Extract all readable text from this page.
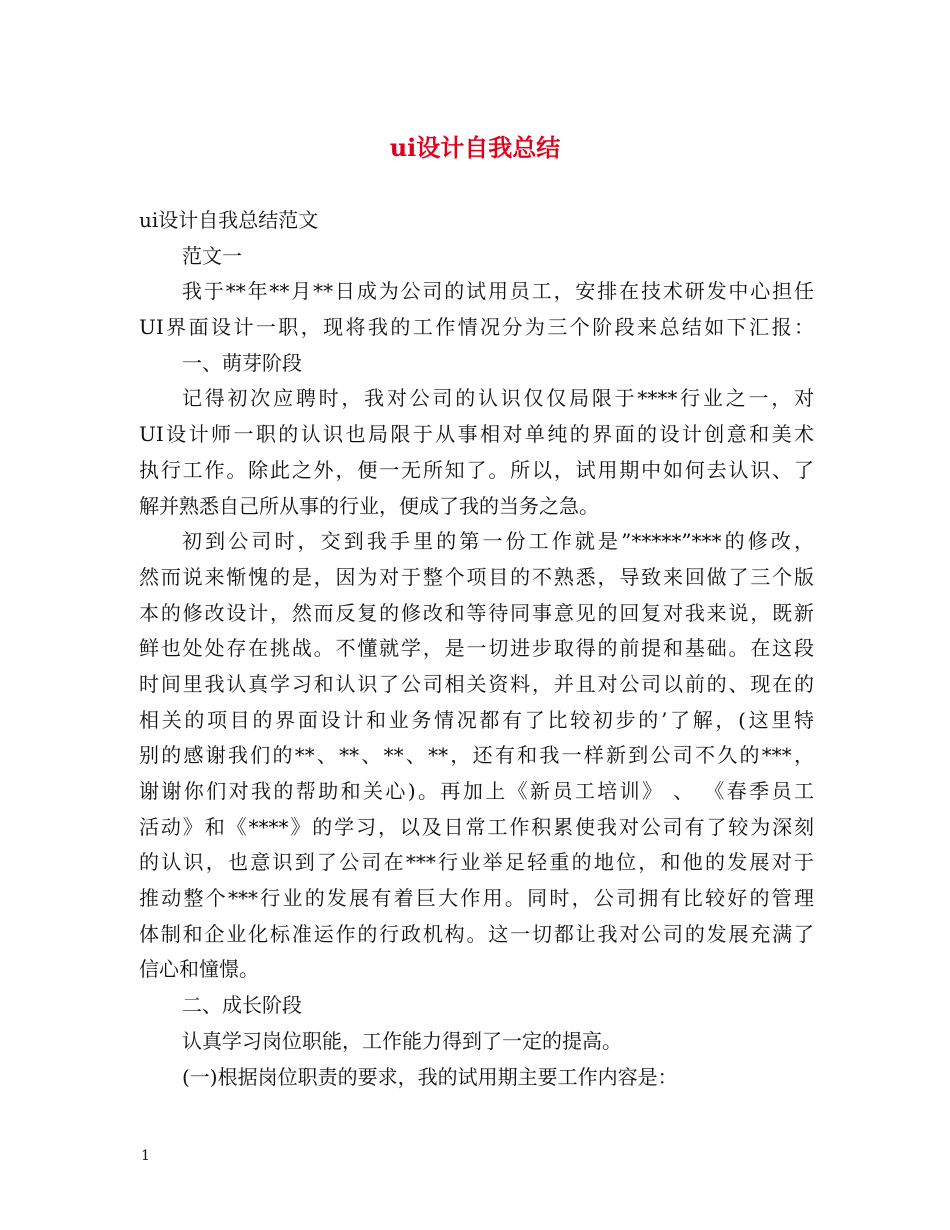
ui设计自我总结
ui设计自我总结范文
范文一
我于**年**月**日成为公司的试用员工，安排在技术研发中心担任
UI界面设计一职，现将我的工作情况分为三个阶段来总结如下汇报：
一、萌芽阶段
记得初次应聘时，我对公司的认识仅仅局限于****行业之一，对
UI设计师一职的认识也局限于从事相对单纯的界面的设计创意和美术
执行工作。除此之外，便一无所知了。所以，试用期中如何去认识、了
解并熟悉自己所从事的行业，便成了我的当务之急。
初到公司时，交到我手里的第一份工作就是”*****”***的修改，
然而说来惭愧的是，因为对于整个项目的不熟悉，导致来回做了三个版
本的修改设计，然而反复的修改和等待同事意见的回复对我来说，既新
鲜也处处存在挑战。不懂就学，是一切进步取得的前提和基础。在这段
时间里我认真学习和认识了公司相关资料，并且对公司以前的、现在的
相关的项目的界面设计和业务情况都有了比较初步的’了解，(这里特
别的感谢我们的**、**、**、**，还有和我一样新到公司不久的***，
谢谢你们对我的帮助和关心)。再加上《新员工培训》 、 《春季员工
活动》和《****》的学习，以及日常工作积累使我对公司有了较为深刻
的认识，也意识到了公司在***行业举足轻重的地位，和他的发展对于
推动整个***行业的发展有着巨大作用。同时，公司拥有比较好的管理
体制和企业化标准运作的行政机构。这一切都让我对公司的发展充满了
信心和憧憬。
二、成长阶段
认真学习岗位职能，工作能力得到了一定的提高。
(一)根据岗位职责的要求，我的试用期主要工作内容是：
1
